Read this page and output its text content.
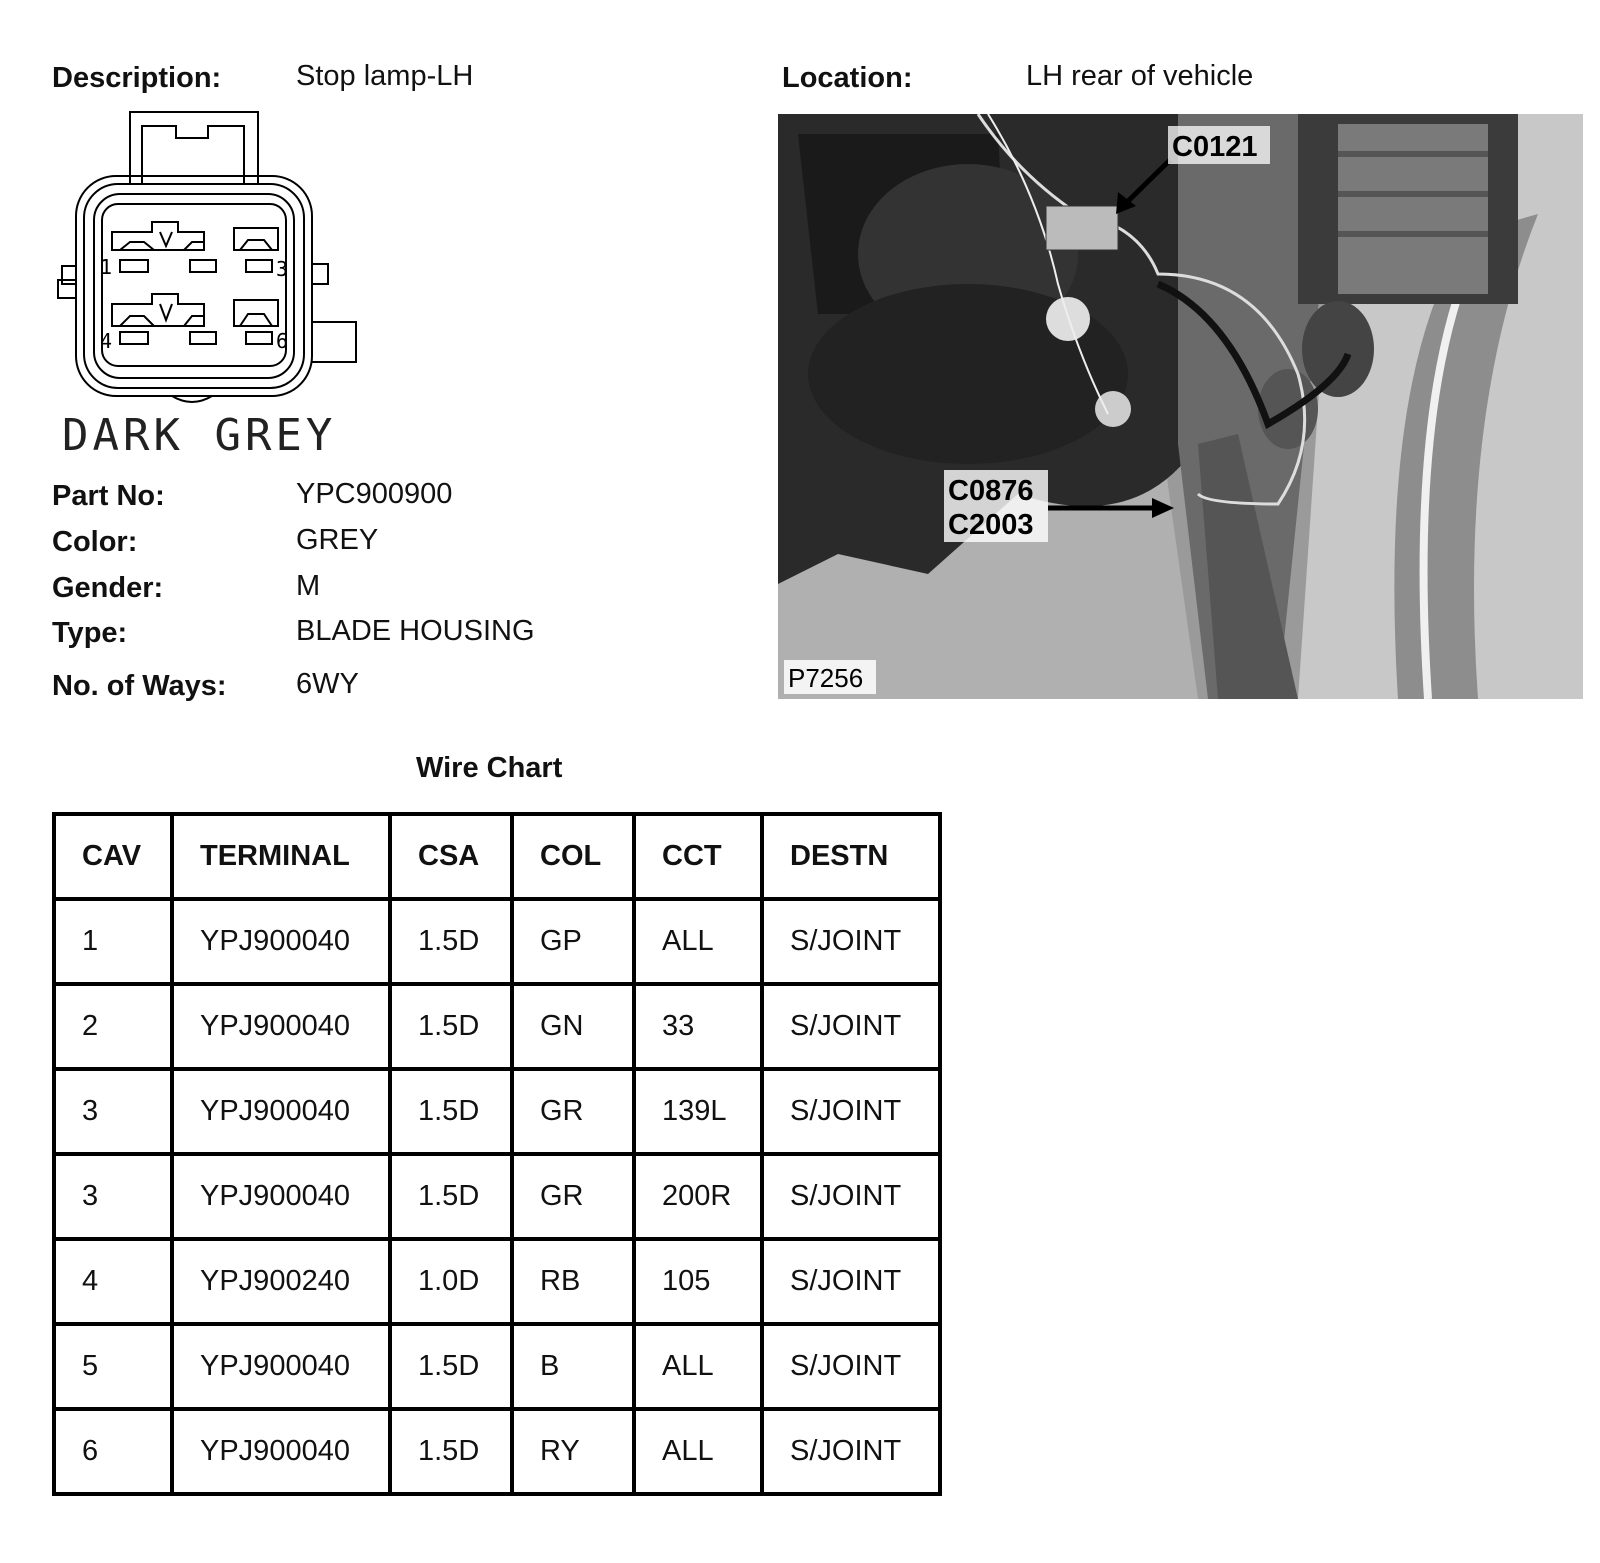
Description:	Stop lamp-LH	Location:	LH rear of vehicle
1	3
4	6
DARK GREY
Part No:	YPC900900
Color:	GREY
Gender:	M
Type:	BLADE HOUSING
No. of Ways: 6WY
C0121
C0876
C2003
P7256
Wire Chart
CAV	TERMINAL	CSA	COL	CCT	DESTN
1	YPJ900040	1.5D	GP	ALL	S/JOINT
2	YPJ900040	1.5D	GN	33	S/JOINT
3	YPJ900040	1.5D	GR	139L	S/JOINT
3	YPJ900040	1.5D	GR	200R	S/JOINT
4	YPJ900240	1.0D	RB	105	S/JOINT
5	YPJ900040	1.5D	B	ALL	S/JOINT
6	YPJ900040	1.5D	RY	ALL	S/JOINT
